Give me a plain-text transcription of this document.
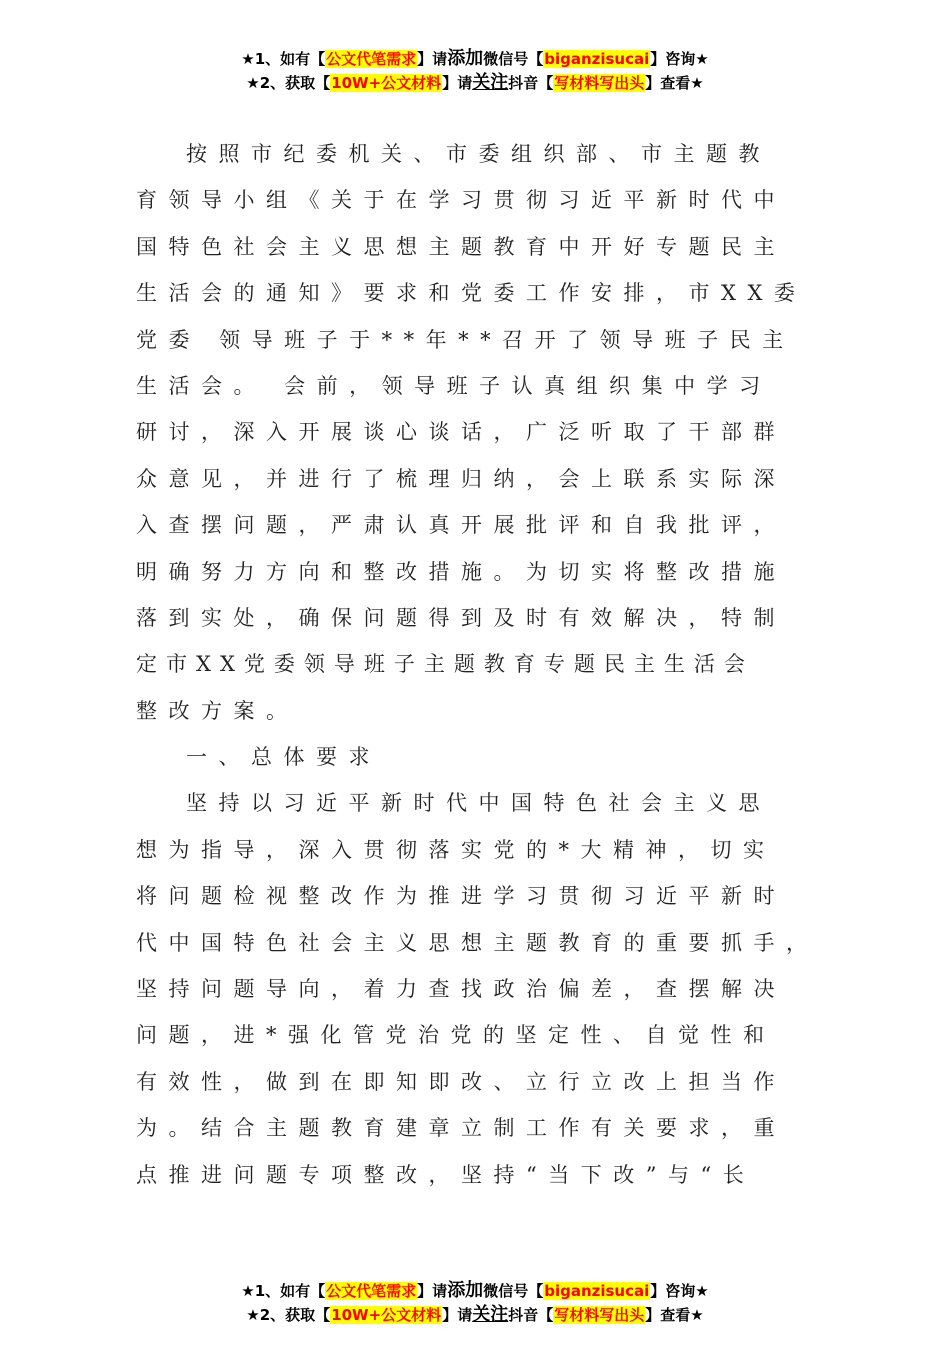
★1、如有【公文代笔需求】请添加微信号【biganzisucai】咨询★
★2、获取【10W+公文材料】请关注抖音【写材料写出头】查看★
按照市纪委机关、市委组织部、市主题教
育领导小组《关于在学习贯彻习近平新时代中
国特色社会主义思想主题教育中开好专题民主
生活会的通知》要求和党委工作安排，市XX委
党委 领导班子于**年**召开了领导班子民主
生活会。 会前，领导班子认真组织集中学习
研讨，深入开展谈心谈话，广泛听取了干部群
众意见，并进行了梳理归纳，会上联系实际深
入查摆问题，严肃认真开展批评和自我批评，
明确努力方向和整改措施。为切实将整改措施
落到实处，确保问题得到及时有效解决，特制
定市XX党委领导班子主题教育专题民主生活会
整改方案。
一、总体要求
坚持以习近平新时代中国特色社会主义思
想为指导，深入贯彻落实党的*大精神，切实
将问题检视整改作为推进学习贯彻习近平新时
代中国特色社会主义思想主题教育的重要抓手，
坚持问题导向，着力查找政治偏差，查摆解决
问题，进*强化管党治党的坚定性、自觉性和
有效性，做到在即知即改、立行立改上担当作
为。结合主题教育建章立制工作有关要求，重
点推进问题专项整改，坚持“当下改”与“长
★1、如有【公文代笔需求】请添加微信号【biganzisucai】咨询★
★2、获取【10W+公文材料】请关注抖音【写材料写出头】查看★
